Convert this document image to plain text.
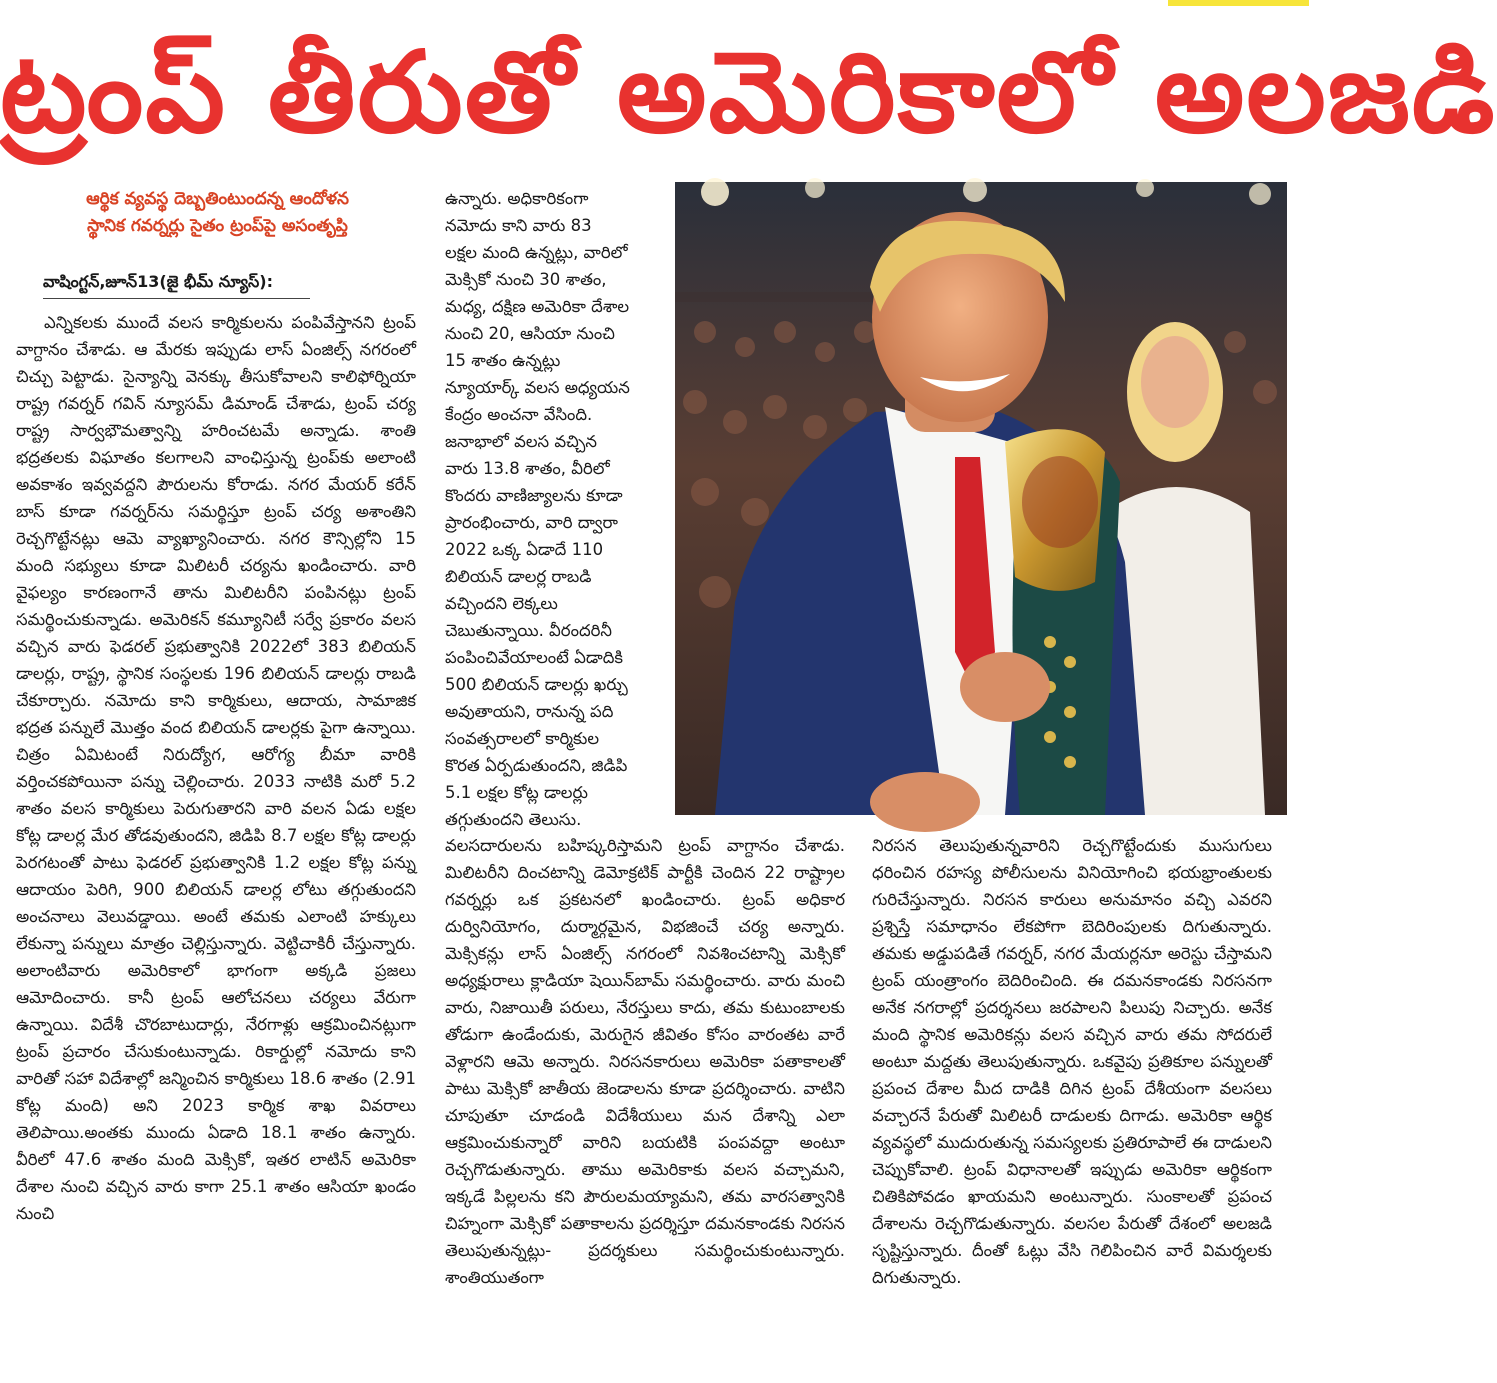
ట్రంప్ తీరుతో అమెరికాలో అలజడి
ఆర్థిక వ్యవస్థ దెబ్బతింటుందన్న ఆందోళన
స్థానిక గవర్నర్లు సైతం ట్రంప్‌పై అసంతృప్తి
వాషింగ్టన్,జూన్13(జై భీమ్ న్యూస్):
ఎన్నికలకు ముందే వలస కార్మికులను పంపివేస్తానని ట్రంప్ వాగ్దానం చేశాడు. ఆ మేరకు ఇప్పుడు లాస్ ఏంజిల్స్ నగరంలో చిచ్చు పెట్టాడు. సైన్యాన్ని వెనక్కు తీసుకోవాలని కాలిఫోర్నియా రాష్ట్ర గవర్నర్ గవిన్ న్యూసమ్ డిమాండ్ చేశాడు, ట్రంప్ చర్య రాష్ట్ర సార్వభౌమత్వాన్ని హరించటమే అన్నాడు. శాంతి భద్రతలకు విఘాతం కలగాలని వాంఛిస్తున్న ట్రంప్‌కు అలాంటి అవకాశం ఇవ్వవద్దని పౌరులను కోరాడు. నగర మేయర్ కరేన్ బాస్ కూడా గవర్నర్‌ను సమర్థిస్తూ ట్రంప్ చర్య అశాంతిని రెచ్చగొట్టేనట్లు ఆమె వ్యాఖ్యానించారు. నగర కౌన్సిల్లోని 15 మంది సభ్యులు కూడా మిలిటరీ చర్యను ఖండించారు. వారి వైఫల్యం కారణంగానే తాను మిలిటరీని పంపినట్లు ట్రంప్ సమర్థించుకున్నాడు. అమెరికన్ కమ్యూనిటీ సర్వే ప్రకారం వలస వచ్చిన వారు ఫెడరల్ ప్రభుత్వానికి 2022లో 383 బిలియన్ డాలర్లు, రాష్ట్ర, స్థానిక సంస్థలకు 196 బిలియన్ డాలర్లు రాబడి చేకూర్చారు. నమోదు కాని కార్మికులు, ఆదాయ, సామాజిక భద్రత పన్నులే మొత్తం వంద బిలియన్ డాలర్లకు పైగా ఉన్నాయి. చిత్రం ఏమిటంటే నిరుద్యోగ, ఆరోగ్య బీమా వారికి వర్తించకపోయినా పన్ను చెల్లించారు. 2033 నాటికి మరో 5.2 శాతం వలస కార్మికులు పెరుగుతారని వారి వలన ఏడు లక్షల కోట్ల డాలర్ల మేర తోడవుతుందని, జిడిపి 8.7 లక్షల కోట్ల డాలర్లు పెరగటంతో పాటు ఫెడరల్ ప్రభుత్వానికి 1.2 లక్షల కోట్ల పన్ను ఆదాయం పెరిగి, 900 బిలియన్ డాలర్ల లోటు తగ్గుతుందని అంచనాలు వెలువడ్డాయి. అంటే తమకు ఎలాంటి హక్కులు లేకున్నా పన్నులు మాత్రం చెల్లిస్తున్నారు. వెట్టిచాకిరీ చేస్తున్నారు. అలాంటివారు అమెరికాలో భాగంగా అక్కడి ప్రజలు ఆమోదించారు. కానీ ట్రంప్ ఆలోచనలు చర్యలు వేరుగా ఉన్నాయి. విదేశీ చొరబాటుదార్లు, నేరగాళ్లు ఆక్రమించినట్లుగా ట్రంప్ ప్రచారం చేసుకుంటున్నాడు. రికార్డుల్లో నమోదు కాని వారితో సహా విదేశాల్లో జన్మించిన కార్మికులు 18.6 శాతం (2.91 కోట్ల మంది) అని 2023 కార్మిక శాఖ వివరాలు తెలిపాయి.అంతకు ముందు ఏడాది 18.1 శాతం ఉన్నారు. వీరిలో 47.6 శాతం మంది మెక్సికో, ఇతర లాటిన్ అమెరికా దేశాల నుంచి వచ్చిన వారు కాగా 25.1 శాతం ఆసియా ఖండం నుంచి
ఉన్నారు. అధికారికంగా
నమోదు కాని వారు 83
లక్షల మంది ఉన్నట్లు, వారిలో
మెక్సికో నుంచి 30 శాతం,
మధ్య, దక్షిణ అమెరికా దేశాల
నుంచి 20, ఆసియా నుంచి
15 శాతం ఉన్నట్లు
న్యూయార్క్ వలస అధ్యయన
కేంద్రం అంచనా వేసింది.
జనాభాలో వలస వచ్చిన
వారు 13.8 శాతం, వీరిలో
కొందరు వాణిజ్యాలను కూడా
ప్రారంభించారు, వారి ద్వారా
2022 ఒక్క ఏడాదే 110
బిలియన్ డాలర్ల రాబడి
వచ్చిందని లెక్కలు
చెబుతున్నాయి. వీరందరినీ
పంపించివేయాలంటే ఏడాదికి
500 బిలియన్ డాలర్లు ఖర్చు
అవుతాయని, రానున్న పది
సంవత్సరాలలో కార్మికుల
కొరత ఏర్పడుతుందని, జిడిపి
5.1 లక్షల కోట్ల డాలర్లు
తగ్గుతుందని తెలుసు.
వలసదారులను బహిష్కరిస్తామని ట్రంప్ వాగ్దానం చేశాడు. మిలిటరీని దించటాన్ని డెమోక్రటిక్ పార్టీకి చెందిన 22 రాష్ట్రాల గవర్నర్లు ఒక ప్రకటనలో ఖండించారు. ట్రంప్ అధికార దుర్వినియోగం, దుర్మార్గమైన, విభజించే చర్య అన్నారు. మెక్సికన్లు లాస్ ఏంజిల్స్ నగరంలో నివశించటాన్ని మెక్సికో అధ్యక్షురాలు క్లాడియా షెయిన్‌బామ్ సమర్థించారు. వారు మంచి వారు, నిజాయితీ పరులు, నేరస్తులు కాదు, తమ కుటుంబాలకు తోడుగా ఉండేందుకు, మెరుగైన జీవితం కోసం వారంతట వారే వెళ్లారని ఆమె అన్నారు. నిరసనకారులు అమెరికా పతాకాలతో పాటు మెక్సికో జాతీయ జెండాలను కూడా ప్రదర్శించారు. వాటిని చూపుతూ చూడండి విదేశీయులు మన దేశాన్ని ఎలా ఆక్రమించుకున్నారో వారిని బయటికి పంపవద్దా అంటూ రెచ్చగొడుతున్నారు. తాము అమెరికాకు వలస వచ్చామని, ఇక్కడే పిల్లలను కని పౌరులమయ్యామని, తమ వారసత్వానికి చిహ్నంగా మెక్సికో పతాకాలను ప్రదర్శిస్తూ దమనకాండకు నిరసన తెలుపుతున్నట్లు- ప్రదర్శకులు సమర్థించుకుంటున్నారు. శాంతియుతంగా
నిరసన తెలుపుతున్నవారిని రెచ్చగొట్టేందుకు ముసుగులు ధరించిన రహస్య పోలీసులను వినియోగించి భయభ్రాంతులకు గురిచేస్తున్నారు. నిరసన కారులు అనుమానం వచ్చి ఎవరని ప్రశ్నిస్తే సమాధానం లేకపోగా బెదిరింపులకు దిగుతున్నారు. తమకు అడ్డుపడితే గవర్నర్, నగర మేయర్లనూ అరెస్టు చేస్తామని ట్రంప్ యంత్రాంగం బెదిరించింది. ఈ దమనకాండకు నిరసనగా అనేక నగరాల్లో ప్రదర్శనలు జరపాలని పిలుపు నిచ్చారు. అనేక మంది స్థానిక అమెరికన్లు వలస వచ్చిన వారు తమ సోదరులే అంటూ మద్దతు తెలుపుతున్నారు. ఒకవైపు ప్రతికూల పన్నులతో ప్రపంచ దేశాల మీద దాడికి దిగిన ట్రంప్ దేశీయంగా వలసలు వచ్చారనే పేరుతో మిలిటరీ దాడులకు దిగాడు. అమెరికా ఆర్థిక వ్యవస్థలో ముదురుతున్న సమస్యలకు ప్రతిరూపాలే ఈ దాడులని చెప్పుకోవాలి. ట్రంప్ విధానాలతో ఇప్పుడు అమెరికా ఆర్థికంగా చితికిపోవడం ఖాయమని అంటున్నారు. సుంకాలతో ప్రపంచ దేశాలను రెచ్చగొడుతున్నారు. వలసల పేరుతో దేశంలో అలజడి సృష్టిస్తున్నారు. దీంతో ఓట్లు వేసి గెలిపించిన వారే విమర్శలకు దిగుతున్నారు.
